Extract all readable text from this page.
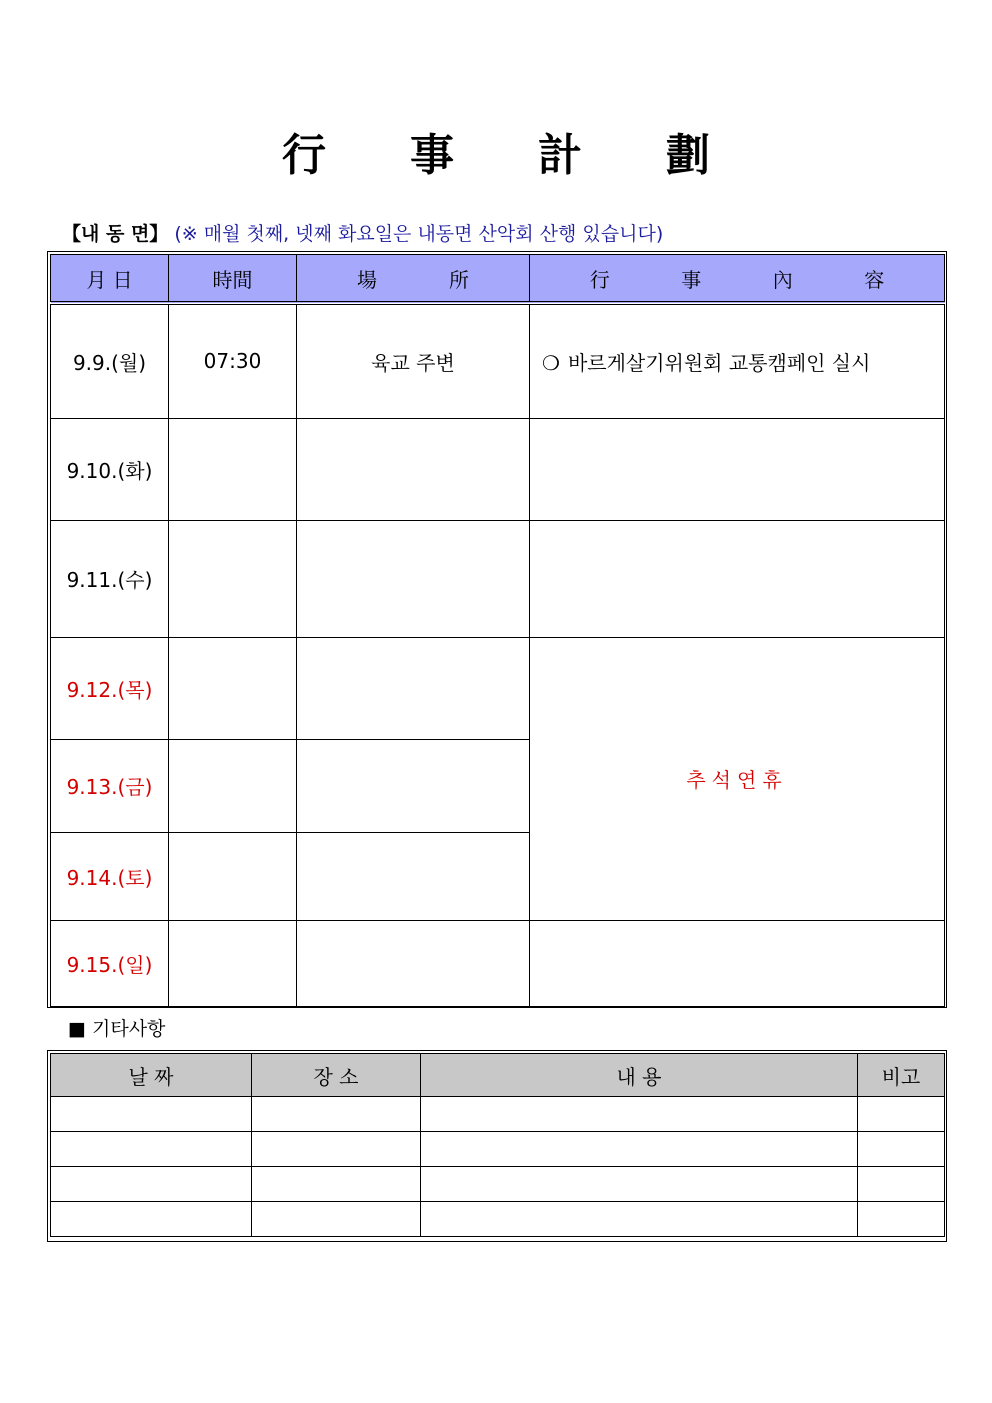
行 事 計 劃
【내 동 면】 (※ 매월 첫째, 넷째 화요일은 내동면 산악회 산행 있습니다)
月 日	時間	場 所	行 事 內 容

9.9.(월)	07:30	육교 주변	❍ 바르게살기위원회 교통캠페인 실시
9.10.(화)			
9.11.(수)			
9.12.(목)			추석연휴
9.13.(금)			
9.14.(토)			
9.15.(일)			
■ 기타사항
날 짜	장 소	내 용	비고
